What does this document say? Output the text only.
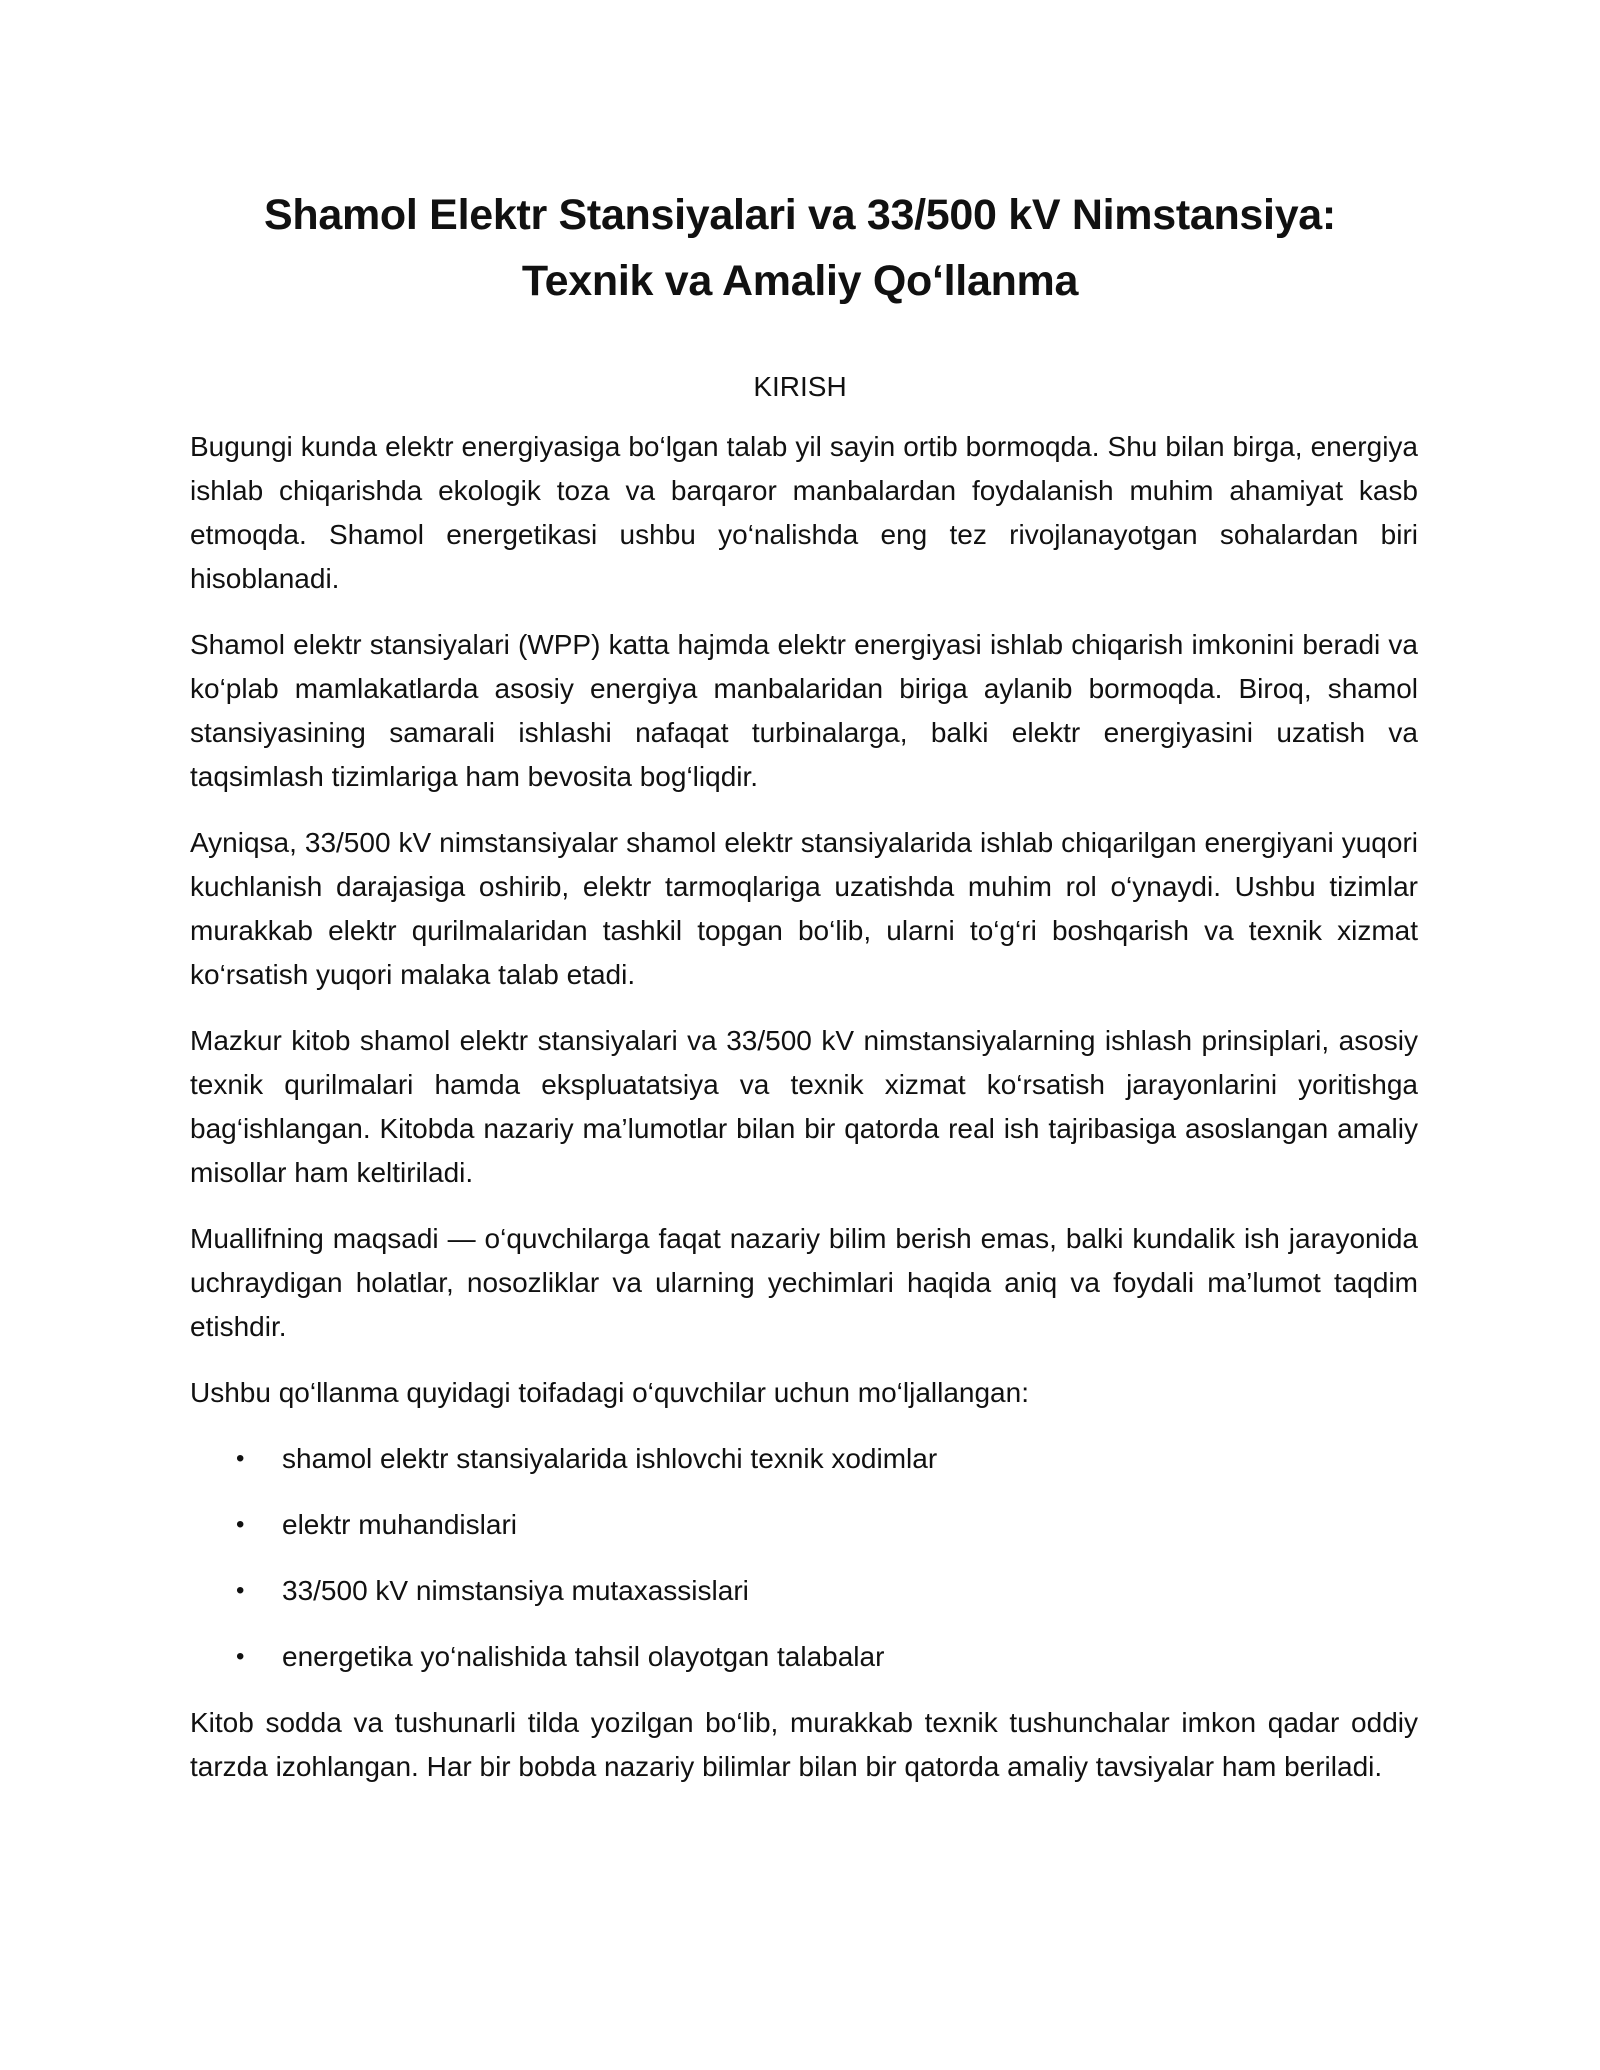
Shamol Elektr Stansiyalari va 33/500 kV Nimstansiya:
Texnik va Amaliy Qo‘llanma
KIRISH

Bugungi kunda elektr energiyasiga bo‘lgan talab yil sayin ortib bormoqda. Shu bilan birga, energiya ishlab chiqarishda ekologik toza va barqaror manbalardan foydalanish muhim ahamiyat kasb etmoqda. Shamol energetikasi ushbu yo‘nalishda eng tez rivojlanayotgan sohalardan biri hisoblanadi.

Shamol elektr stansiyalari (WPP) katta hajmda elektr energiyasi ishlab chiqarish imkonini beradi va ko‘plab mamlakatlarda asosiy energiya manbalaridan biriga aylanib bormoqda. Biroq, shamol stansiyasining samarali ishlashi nafaqat turbinalarga, balki elektr energiyasini uzatish va taqsimlash tizimlariga ham bevosita bog‘liqdir.

Ayniqsa, 33/500 kV nimstansiyalar shamol elektr stansiyalarida ishlab chiqarilgan energiyani yuqori kuchlanish darajasiga oshirib, elektr tarmoqlariga uzatishda muhim rol o‘ynaydi. Ushbu tizimlar murakkab elektr qurilmalaridan tashkil topgan bo‘lib, ularni to‘g‘ri boshqarish va texnik xizmat ko‘rsatish yuqori malaka talab etadi.

Mazkur kitob shamol elektr stansiyalari va 33/500 kV nimstansiyalarning ishlash prinsiplari, asosiy texnik qurilmalari hamda ekspluatatsiya va texnik xizmat ko‘rsatish jarayonlarini yoritishga bag‘ishlangan. Kitobda nazariy ma’lumotlar bilan bir qatorda real ish tajribasiga asoslangan amaliy misollar ham keltiriladi.

Muallifning maqsadi — o‘quvchilarga faqat nazariy bilim berish emas, balki kundalik ish jarayonida uchraydigan holatlar, nosozliklar va ularning yechimlari haqida aniq va foydali ma’lumot taqdim etishdir.

Ushbu qo‘llanma quyidagi toifadagi o‘quvchilar uchun mo‘ljallangan:

• shamol elektr stansiyalarida ishlovchi texnik xodimlar
• elektr muhandislari
• 33/500 kV nimstansiya mutaxassislari
• energetika yo‘nalishida tahsil olayotgan talabalar

Kitob sodda va tushunarli tilda yozilgan bo‘lib, murakkab texnik tushunchalar imkon qadar oddiy tarzda izohlangan. Har bir bobda nazariy bilimlar bilan bir qatorda amaliy tavsiyalar ham beriladi.
